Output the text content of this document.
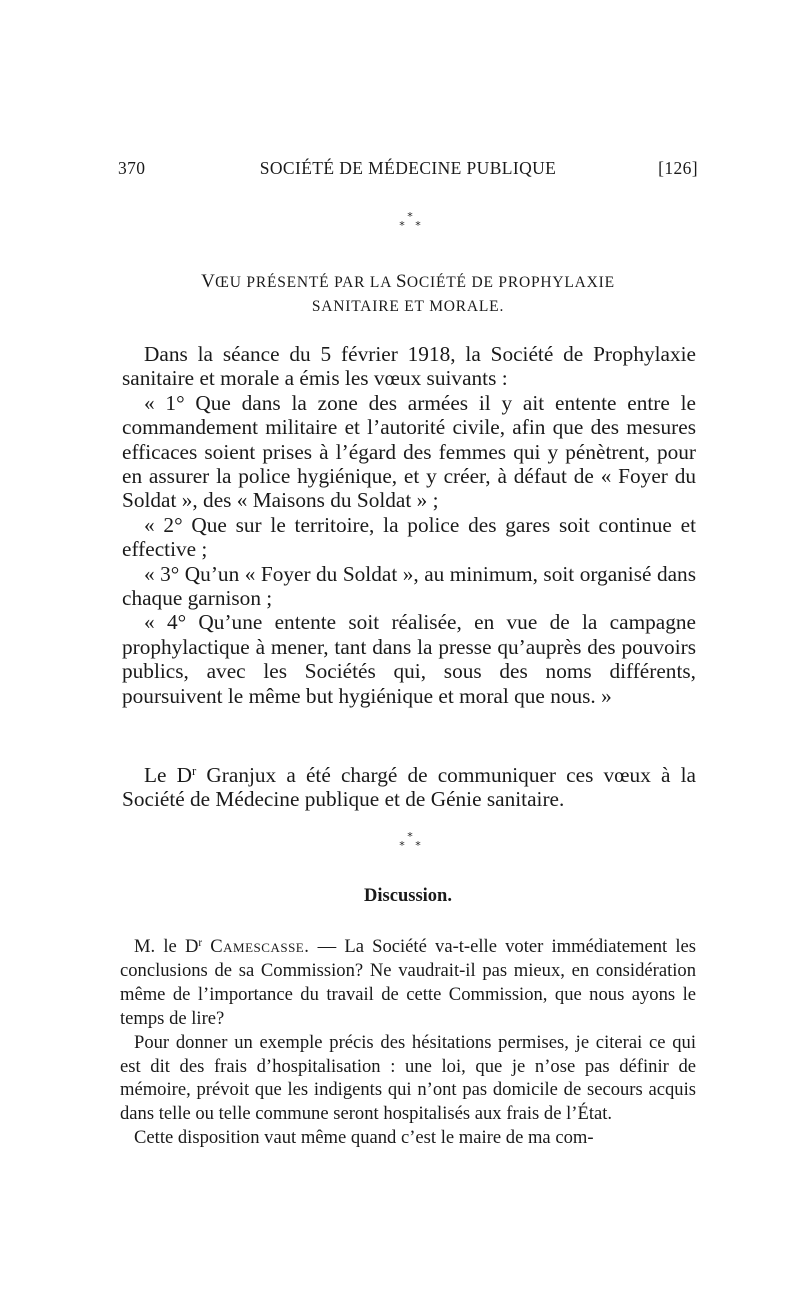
370	SOCIÉTÉ DE MÉDECINE PUBLIQUE	[126]
*
* *
VŒU PRÉSENTÉ PAR LA SOCIÉTÉ DE PROPHYLAXIE
SANITAIRE ET MORALE.

Dans la séance du 5 février 1918, la Société de Prophylaxie sanitaire et morale a émis les vœux suivants :

« 1° Que dans la zone des armées il y ait entente entre le commandement militaire et l’autorité civile, afin que des mesures efficaces soient prises à l’égard des femmes qui y pénètrent, pour en assurer la police hygiénique, et y créer, à défaut de « Foyer du Soldat », des « Maisons du Soldat » ;

« 2° Que sur le territoire, la police des gares soit continue et effective ;

« 3° Qu’un « Foyer du Soldat », au minimum, soit organisé dans chaque garnison ;

« 4° Qu’une entente soit réalisée, en vue de la campagne prophylactique à mener, tant dans la presse qu’auprès des pouvoirs publics, avec les Sociétés qui, sous des noms différents, poursuivent le même but hygiénique et moral que nous. »

Le $D^r$ Granjux a été chargé de communiquer ces vœux à la Société de Médecine publique et de Génie sanitaire.

*
* *
Discussion.

M. le $D^r$ Camescasse. — La Société va-t-elle voter immédiatement les conclusions de sa Commission? Ne vaudrait-il pas mieux, en considération même de l’importance du travail de cette Commission, que nous ayons le temps de lire?

Pour donner un exemple précis des hésitations permises, je citerai ce qui est dit des frais d’hospitalisation : une loi, que je n’ose pas définir de mémoire, prévoit que les indigents qui n’ont pas domicile de secours acquis dans telle ou telle commune seront hospitalisés aux frais de l’État.

Cette disposition vaut même quand c’est le maire de ma com-
